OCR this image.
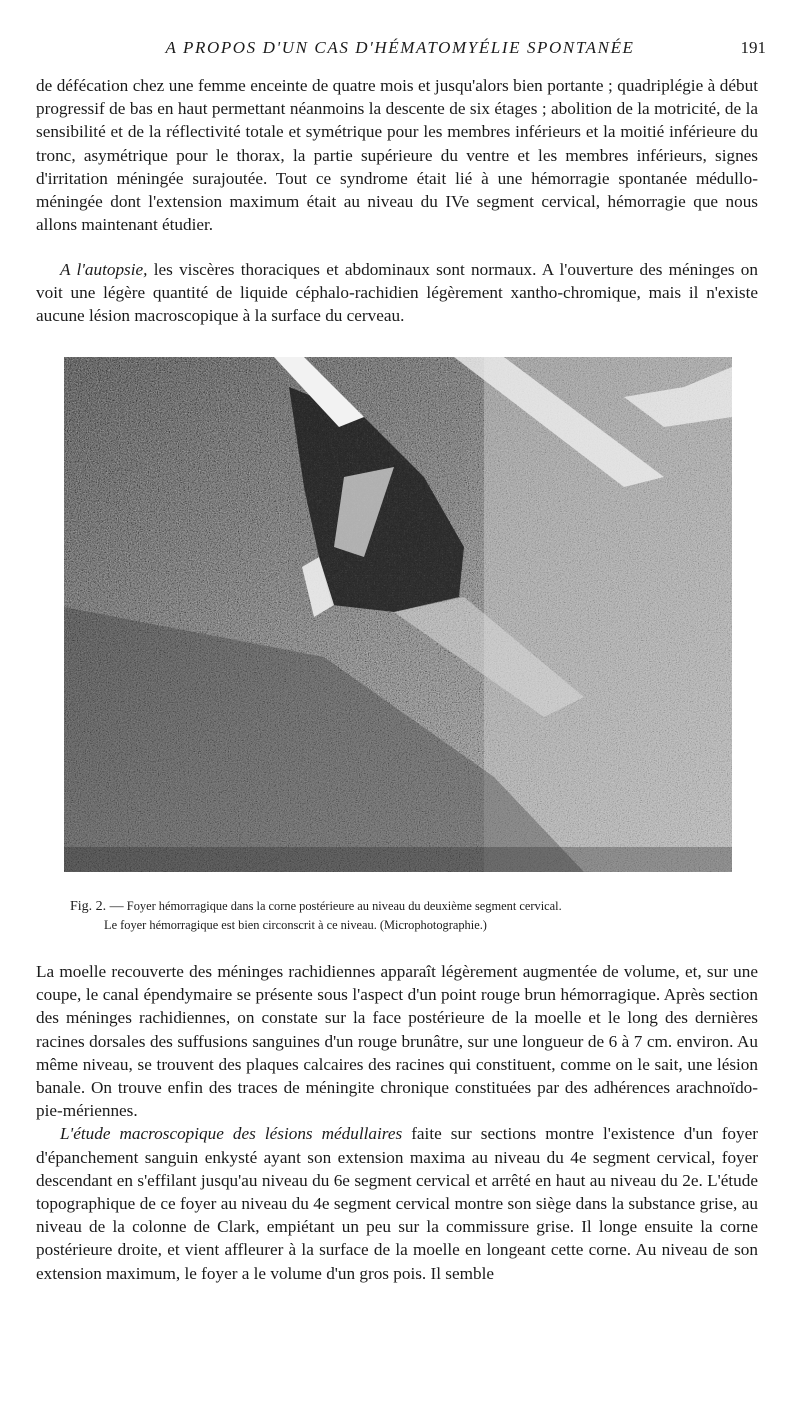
A PROPOS D'UN CAS D'HÉMATOMYÉLIE SPONTANÉE	191

de défécation chez une femme enceinte de quatre mois et jusqu'alors bien portante ; quadriplégie à début progressif de bas en haut permettant néanmoins la descente de six étages ; abolition de la motricité, de la sensibilité et de la réflectivité totale et symétrique pour les membres inférieurs et la moitié inférieure du tronc, asymétrique pour le thorax, la partie supérieure du ventre et les membres inférieurs, signes d'irritation méningée surajoutée. Tout ce syndrome était lié à une hémorragie spontanée médullo-méningée dont l'extension maximum était au niveau du IVe segment cervical, hémorragie que nous allons maintenant étudier.

A l'autopsie, les viscères thoraciques et abdominaux sont normaux. A l'ouverture des méninges on voit une légère quantité de liquide céphalo-rachidien légèrement xantho-chromique, mais il n'existe aucune lésion macroscopique à la surface du cerveau.

Fig. 2. — Foyer hémorragique dans la corne postérieure au niveau du deuxième segment cervical.
Le foyer hémorragique est bien circonscrit à ce niveau. (Microphotographie.)

La moelle recouverte des méninges rachidiennes apparaît légèrement augmentée de volume, et, sur une coupe, le canal épendymaire se présente sous l'aspect d'un point rouge brun hémorragique. Après section des méninges rachidiennes, on constate sur la face postérieure de la moelle et le long des dernières racines dorsales des suffusions sanguines d'un rouge brunâtre, sur une longueur de 6 à 7 cm. environ. Au même niveau, se trouvent des plaques calcaires des racines qui constituent, comme on le sait, une lésion banale. On trouve enfin des traces de méningite chronique constituées par des adhérences arachnoïdo-pie-mériennes.
L'étude macroscopique des lésions médullaires faite sur sections montre l'existence d'un foyer d'épanchement sanguin enkysté ayant son extension maxima au niveau du 4e segment cervical, foyer descendant en s'effilant jusqu'au niveau du 6e segment cervical et arrêté en haut au niveau du 2e. L'étude topographique de ce foyer au niveau du 4e segment cervical montre son siège dans la substance grise, au niveau de la colonne de Clark, empiétant un peu sur la commissure grise. Il longe ensuite la corne postérieure droite, et vient affleurer à la surface de la moelle en longeant cette corne. Au niveau de son extension maximum, le foyer a le volume d'un gros pois. Il semble
